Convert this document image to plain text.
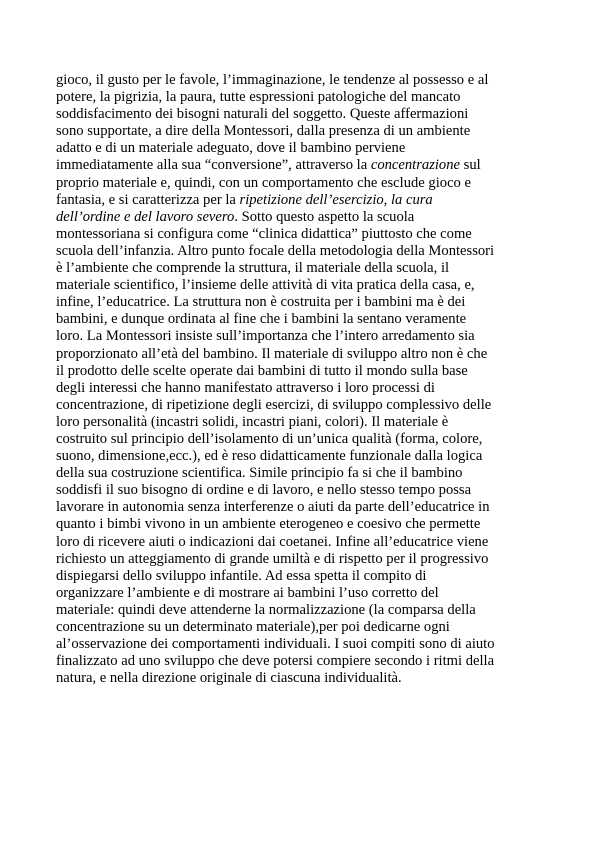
gioco, il gusto per le favole, l’immaginazione, le tendenze al possesso e al
potere, la pigrizia, la paura, tutte espressioni patologiche del mancato
soddisfacimento dei bisogni naturali del soggetto. Queste affermazioni
sono supportate, a dire della Montessori, dalla presenza di un ambiente
adatto e di un materiale adeguato, dove il bambino perviene
immediatamente alla sua “conversione”, attraverso la concentrazione sul
proprio materiale e, quindi, con un comportamento che esclude gioco e
fantasia, e si caratterizza per la ripetizione dell’esercizio, la cura
dell’ordine e del lavoro severo. Sotto questo aspetto la scuola
montessoriana si configura come “clinica didattica” piuttosto che come
scuola dell’infanzia. Altro punto focale della metodologia della Montessori
è l’ambiente che comprende la struttura, il materiale della scuola, il
materiale scientifico, l’insieme delle attività di vita pratica della casa, e,
infine, l’educatrice. La struttura non è costruita per i bambini ma è dei
bambini, e dunque ordinata al fine che i bambini la sentano veramente
loro. La Montessori insiste sull’importanza che l’intero arredamento sia
proporzionato all’età del bambino. Il materiale di sviluppo altro non è che
il prodotto delle scelte operate dai bambini di tutto il mondo sulla base
degli interessi che hanno manifestato attraverso i loro processi di
concentrazione, di ripetizione degli esercizi, di sviluppo complessivo delle
loro personalità (incastri solidi, incastri piani, colori). Il materiale è
costruito sul principio dell’isolamento di un’unica qualità (forma, colore,
suono, dimensione,ecc.), ed è reso didatticamente funzionale dalla logica
della sua costruzione scientifica. Simile principio fa si che il bambino
soddisfi il suo bisogno di ordine e di lavoro, e nello stesso tempo possa
lavorare in autonomia senza interferenze o aiuti da parte dell’educatrice in
quanto i bimbi vivono in un ambiente eterogeneo e coesivo che permette
loro di ricevere aiuti o indicazioni dai coetanei. Infine all’educatrice viene
richiesto un atteggiamento di grande umiltà e di rispetto per il progressivo
dispiegarsi dello sviluppo infantile. Ad essa spetta il compito di
organizzare l’ambiente e di mostrare ai bambini l’uso corretto del
materiale: quindi deve attenderne la normalizzazione (la comparsa della
concentrazione su un determinato materiale),per poi dedicarne ogni
al’osservazione dei comportamenti individuali. I suoi compiti sono di aiuto
finalizzato ad uno sviluppo che deve potersi compiere secondo i ritmi della
natura, e nella direzione originale di ciascuna individualità.
